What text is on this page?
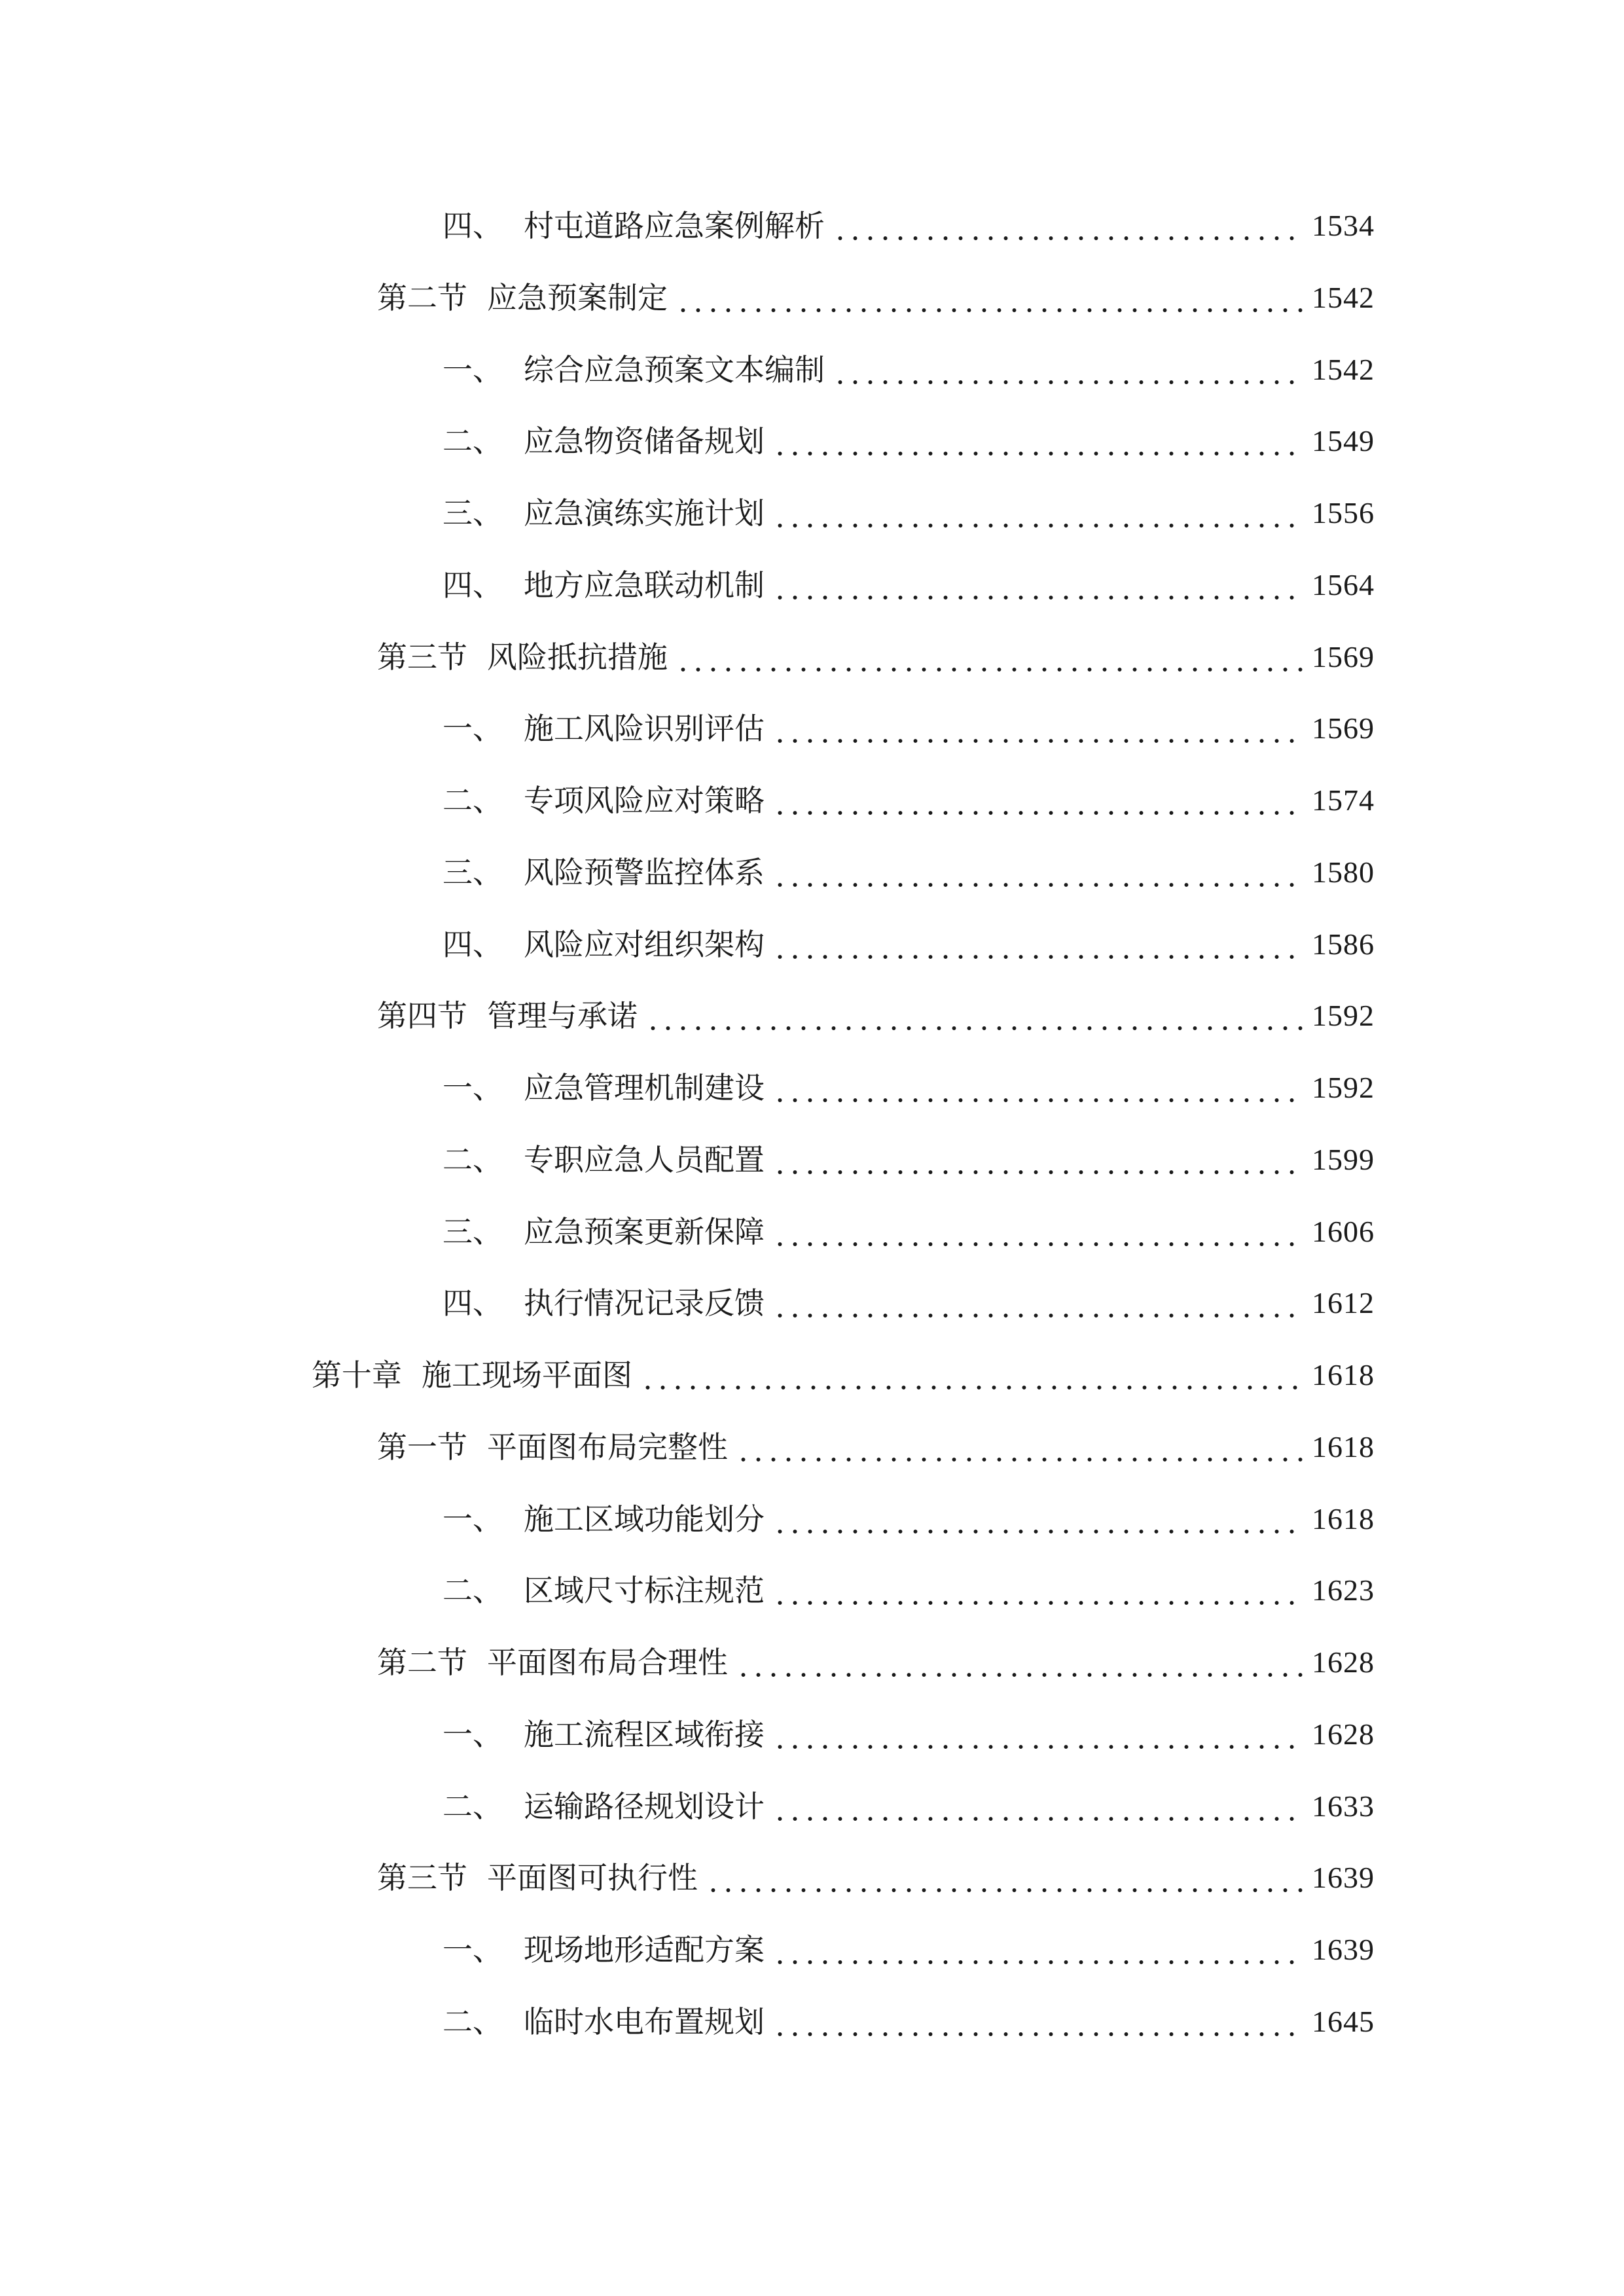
四、 村屯道路应急案例解析	1534
第二节 应急预案制定	1542
一、 综合应急预案文本编制	1542
二、 应急物资储备规划	1549
三、 应急演练实施计划	1556
四、 地方应急联动机制	1564
第三节 风险抵抗措施	1569
一、 施工风险识别评估	1569
二、 专项风险应对策略	1574
三、 风险预警监控体系	1580
四、 风险应对组织架构	1586
第四节 管理与承诺	1592
一、 应急管理机制建设	1592
二、 专职应急人员配置	1599
三、 应急预案更新保障	1606
四、 执行情况记录反馈	1612
第十章 施工现场平面图	1618
第一节 平面图布局完整性	1618
一、 施工区域功能划分	1618
二、 区域尺寸标注规范	1623
第二节 平面图布局合理性	1628
一、 施工流程区域衔接	1628
二、 运输路径规划设计	1633
第三节 平面图可执行性	1639
一、 现场地形适配方案	1639
二、 临时水电布置规划	1645
